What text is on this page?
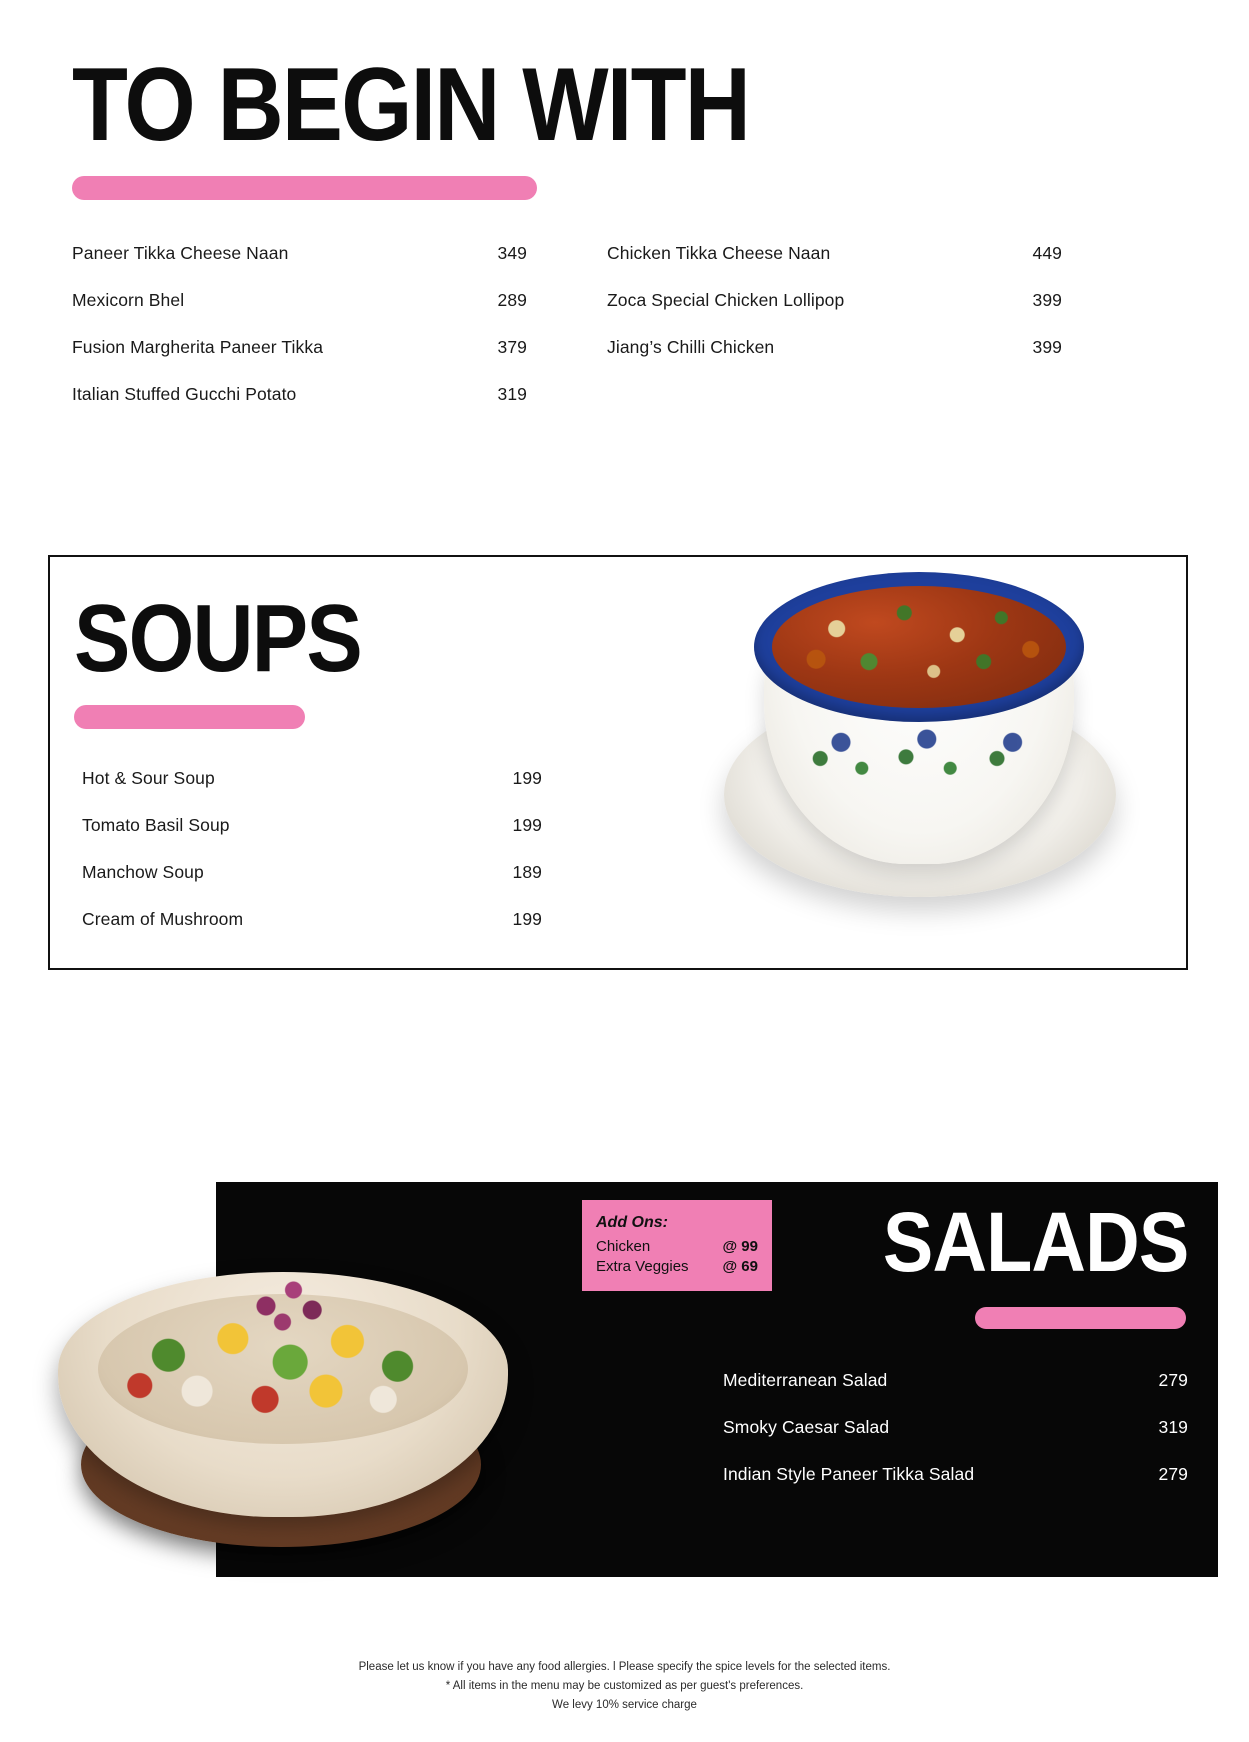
TO BEGIN WITH
Paneer Tikka Cheese Naan	349
Mexicorn Bhel	289
Fusion Margherita Paneer Tikka	379
Italian Stuffed Gucchi Potato	319
Chicken Tikka Cheese Naan	449
Zoca Special Chicken Lollipop	399
Jiang’s Chilli Chicken	399
SOUPS
Hot & Sour Soup	199
Tomato Basil Soup	199
Manchow Soup	189
Cream of Mushroom	199
SALADS
Add Ons:
Chicken	@ 99
Extra Veggies @ 69
Mediterranean Salad	279
Smoky Caesar Salad	319
Indian Style Paneer Tikka Salad	279
Please let us know if you have any food allergies. l Please specify the spice levels for the selected items.
* All items in the menu may be customized as per guest's preferences.
We levy 10% service charge
